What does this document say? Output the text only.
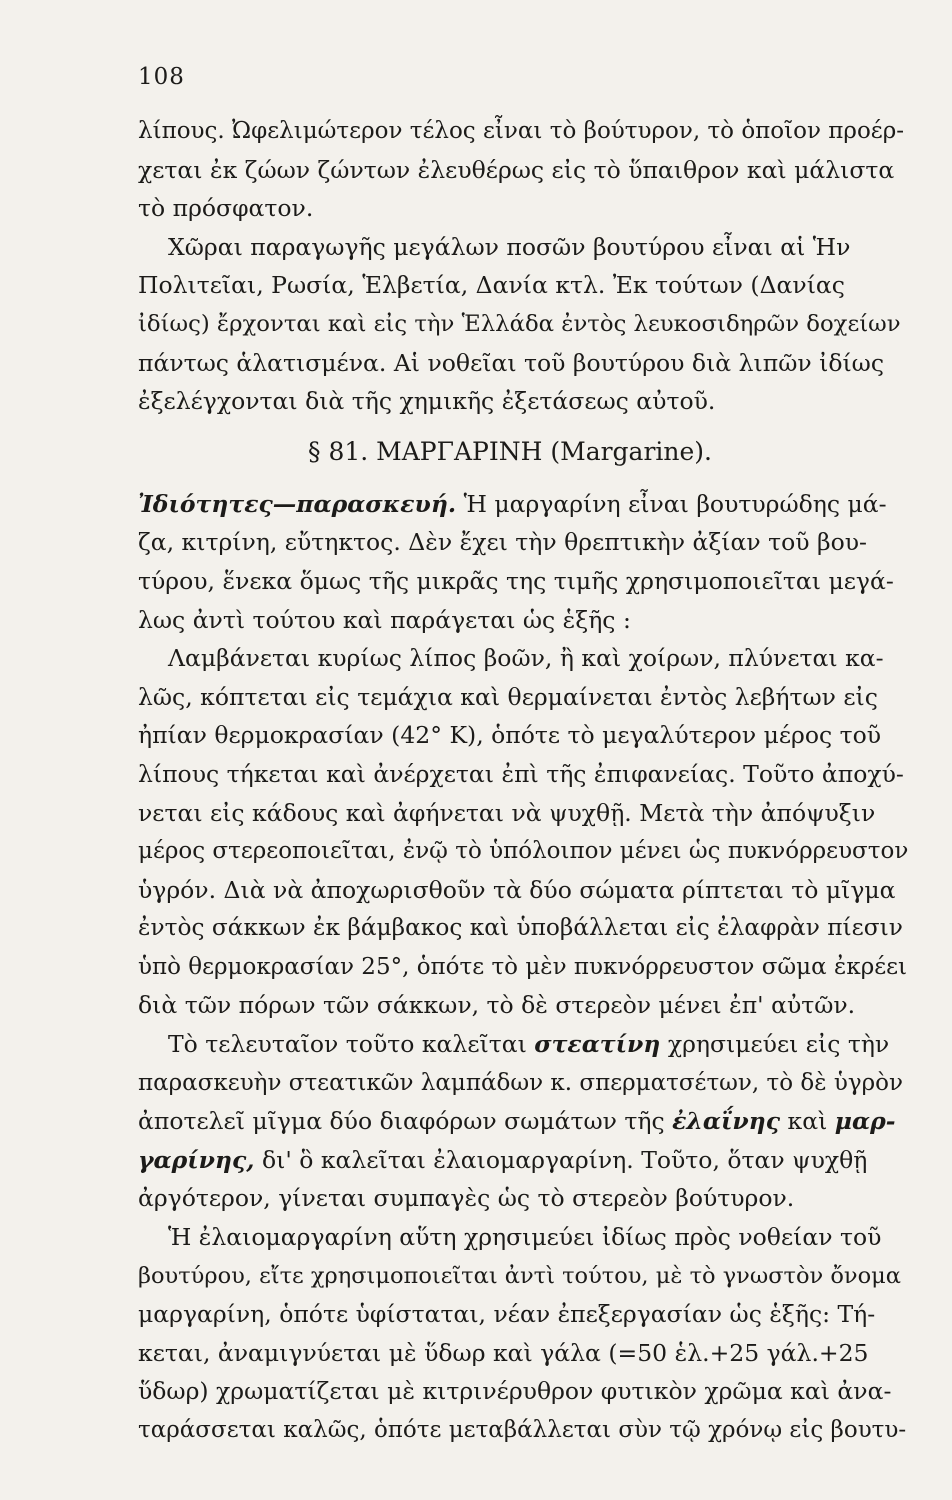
108
λίπους. Ὠφελιμώτερον τέλος εἶναι τὸ βούτυρον, τὸ ὁποῖον προέρ-
χεται ἐκ ζώων ζώντων ἐλευθέρως εἰς τὸ ὕπαιθρον καὶ μάλιστα
τὸ πρόσφατον.
Χῶραι παραγωγῆς μεγάλων ποσῶν βουτύρου εἶναι αἱ Ἡν
Πολιτεῖαι, Ρωσία, Ἑλβετία, Δανία κτλ. Ἐκ τούτων (Δανίας
ἰδίως) ἔρχονται καὶ εἰς τὴν Ἑλλάδα ἐντὸς λευκοσιδηρῶν δοχείων
πάντως ἁλατισμένα. Αἱ νοθεῖαι τοῦ βουτύρου διὰ λιπῶν ἰδίως
ἐξελέγχονται διὰ τῆς χημικῆς ἐξετάσεως αὐτοῦ.
§ 81. ΜΑΡΓΑΡΙΝΗ (Margarine).
Ἰδιότητες—παρασκευή. Ἡ μαργαρίνη εἶναι βουτυρώδης μά-
ζα, κιτρίνη, εὔτηκτος. Δὲν ἔχει τὴν θρεπτικὴν ἀξίαν τοῦ βου-
τύρου, ἕνεκα ὅμως τῆς μικρᾶς της τιμῆς χρησιμοποιεῖται μεγά-
λως ἀντὶ τούτου καὶ παράγεται ὡς ἑξῆς :
Λαμβάνεται κυρίως λίπος βοῶν, ἢ καὶ χοίρων, πλύνεται κα-
λῶς, κόπτεται εἰς τεμάχια καὶ θερμαίνεται ἐντὸς λεβήτων εἰς
ἠπίαν θερμοκρασίαν (42° Κ), ὁπότε τὸ μεγαλύτερον μέρος τοῦ
λίπους τήκεται καὶ ἀνέρχεται ἐπὶ τῆς ἐπιφανείας. Τοῦτο ἀποχύ-
νεται εἰς κάδους καὶ ἀφήνεται νὰ ψυχθῇ. Μετὰ τὴν ἀπόψυξιν
μέρος στερεοποιεῖται, ἐνῷ τὸ ὑπόλοιπον μένει ὡς πυκνόρρευστον
ὑγρόν. Διὰ νὰ ἀποχωρισθοῦν τὰ δύο σώματα ρίπτεται τὸ μῖγμα
ἐντὸς σάκκων ἐκ βάμβακος καὶ ὑποβάλλεται εἰς ἐλαφρὰν πίεσιν
ὑπὸ θερμοκρασίαν 25°, ὁπότε τὸ μὲν πυκνόρρευστον σῶμα ἐκρέει
διὰ τῶν πόρων τῶν σάκκων, τὸ δὲ στερεὸν μένει ἐπ' αὐτῶν.
Τὸ τελευταῖον τοῦτο καλεῖται στεατίνη χρησιμεύει εἰς τὴν
παρασκευὴν στεατικῶν λαμπάδων κ. σπερματσέτων, τὸ δὲ ὑγρὸν
ἀποτελεῖ μῖγμα δύο διαφόρων σωμάτων τῆς ἐλαΐνης καὶ μαρ-
γαρίνης, δι' ὃ καλεῖται ἐλαιομαργαρίνη. Τοῦτο, ὅταν ψυχθῇ
ἀργότερον, γίνεται συμπαγὲς ὡς τὸ στερεὸν βούτυρον.
Ἡ ἐλαιομαργαρίνη αὕτη χρησιμεύει ἰδίως πρὸς νοθείαν τοῦ
βουτύρου, εἴτε χρησιμοποιεῖται ἀντὶ τούτου, μὲ τὸ γνωστὸν ὄνομα
μαργαρίνη, ὁπότε ὑφίσταται, νέαν ἐπεξεργασίαν ὡς ἑξῆς: Τή-
κεται, ἀναμιγνύεται μὲ ὕδωρ καὶ γάλα (=50 ἑλ.+25 γάλ.+25
ὕδωρ) χρωματίζεται μὲ κιτρινέρυθρον φυτικὸν χρῶμα καὶ ἀνα-
ταράσσεται καλῶς, ὁπότε μεταβάλλεται σὺν τῷ χρόνῳ εἰς βουτυ-
